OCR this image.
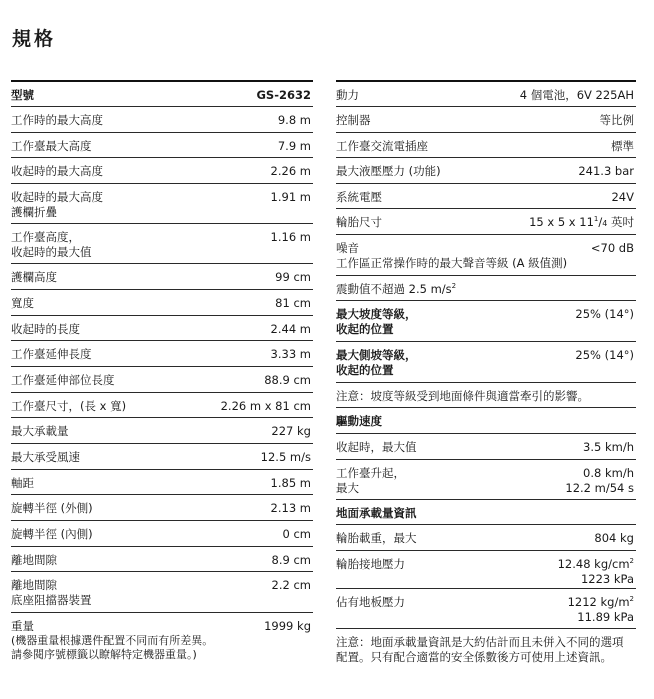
規格
型號	GS-2632
工作時的最大高度	9.8 m
工作臺最大高度	7.9 m
收起時的最大高度	2.26 m
收起時的最大高度	1.91 m
護欄折疊
工作臺高度，	1.16 m
收起時的最大值
護欄高度	99 cm
寬度	81 cm
收起時的長度	2.44 m
工作臺延伸長度	3.33 m
工作臺延伸部位長度	88.9 cm
工作臺尺寸，(長 x 寬)	2.26 m x 81 cm
最大承載量	227 kg
最大承受風速	12.5 m/s
軸距	1.85 m
旋轉半徑 (外側)	2.13 m
旋轉半徑 (內側)	0 cm
離地間隙	8.9 cm
離地間隙	2.2 cm
底座阻擋器裝置
重量	1999 kg
(機器重量根據選件配置不同而有所差異。
請參閱序號標籤以瞭解特定機器重量。)
動力	4 個電池，6V 225AH
控制器	等比例
工作臺交流電插座	標準
最大液壓壓力 (功能)	241.3 bar
系統電壓	24V
輪胎尺寸	15 x 5 x $11^1/4$ 英吋
噪音	<70 dB
工作區正常操作時的最大聲音等級 (A 級值測)
震動值不超過 2.5 $m/s^2$
最大坡度等級，	25% (14°)
收起的位置
最大側坡等級，	25% (14°)
收起的位置
注意：坡度等級受到地面條件與適當牽引的影響。
驅動速度
收起時，最大值	3.5 km/h
工作臺升起，	0.8 km/h
最大	12.2 m/54 s
地面承載量資訊
輪胎載重，最大	804 kg
輪胎接地壓力	12.48 $kg/cm^2$
1223 kPa
佔有地板壓力	1212 $kg/m^2$
11.89 kPa
注意：地面承載量資訊是大約估計而且未併入不同的選項配置。只有配合適當的安全係數後方可使用上述資訊。
